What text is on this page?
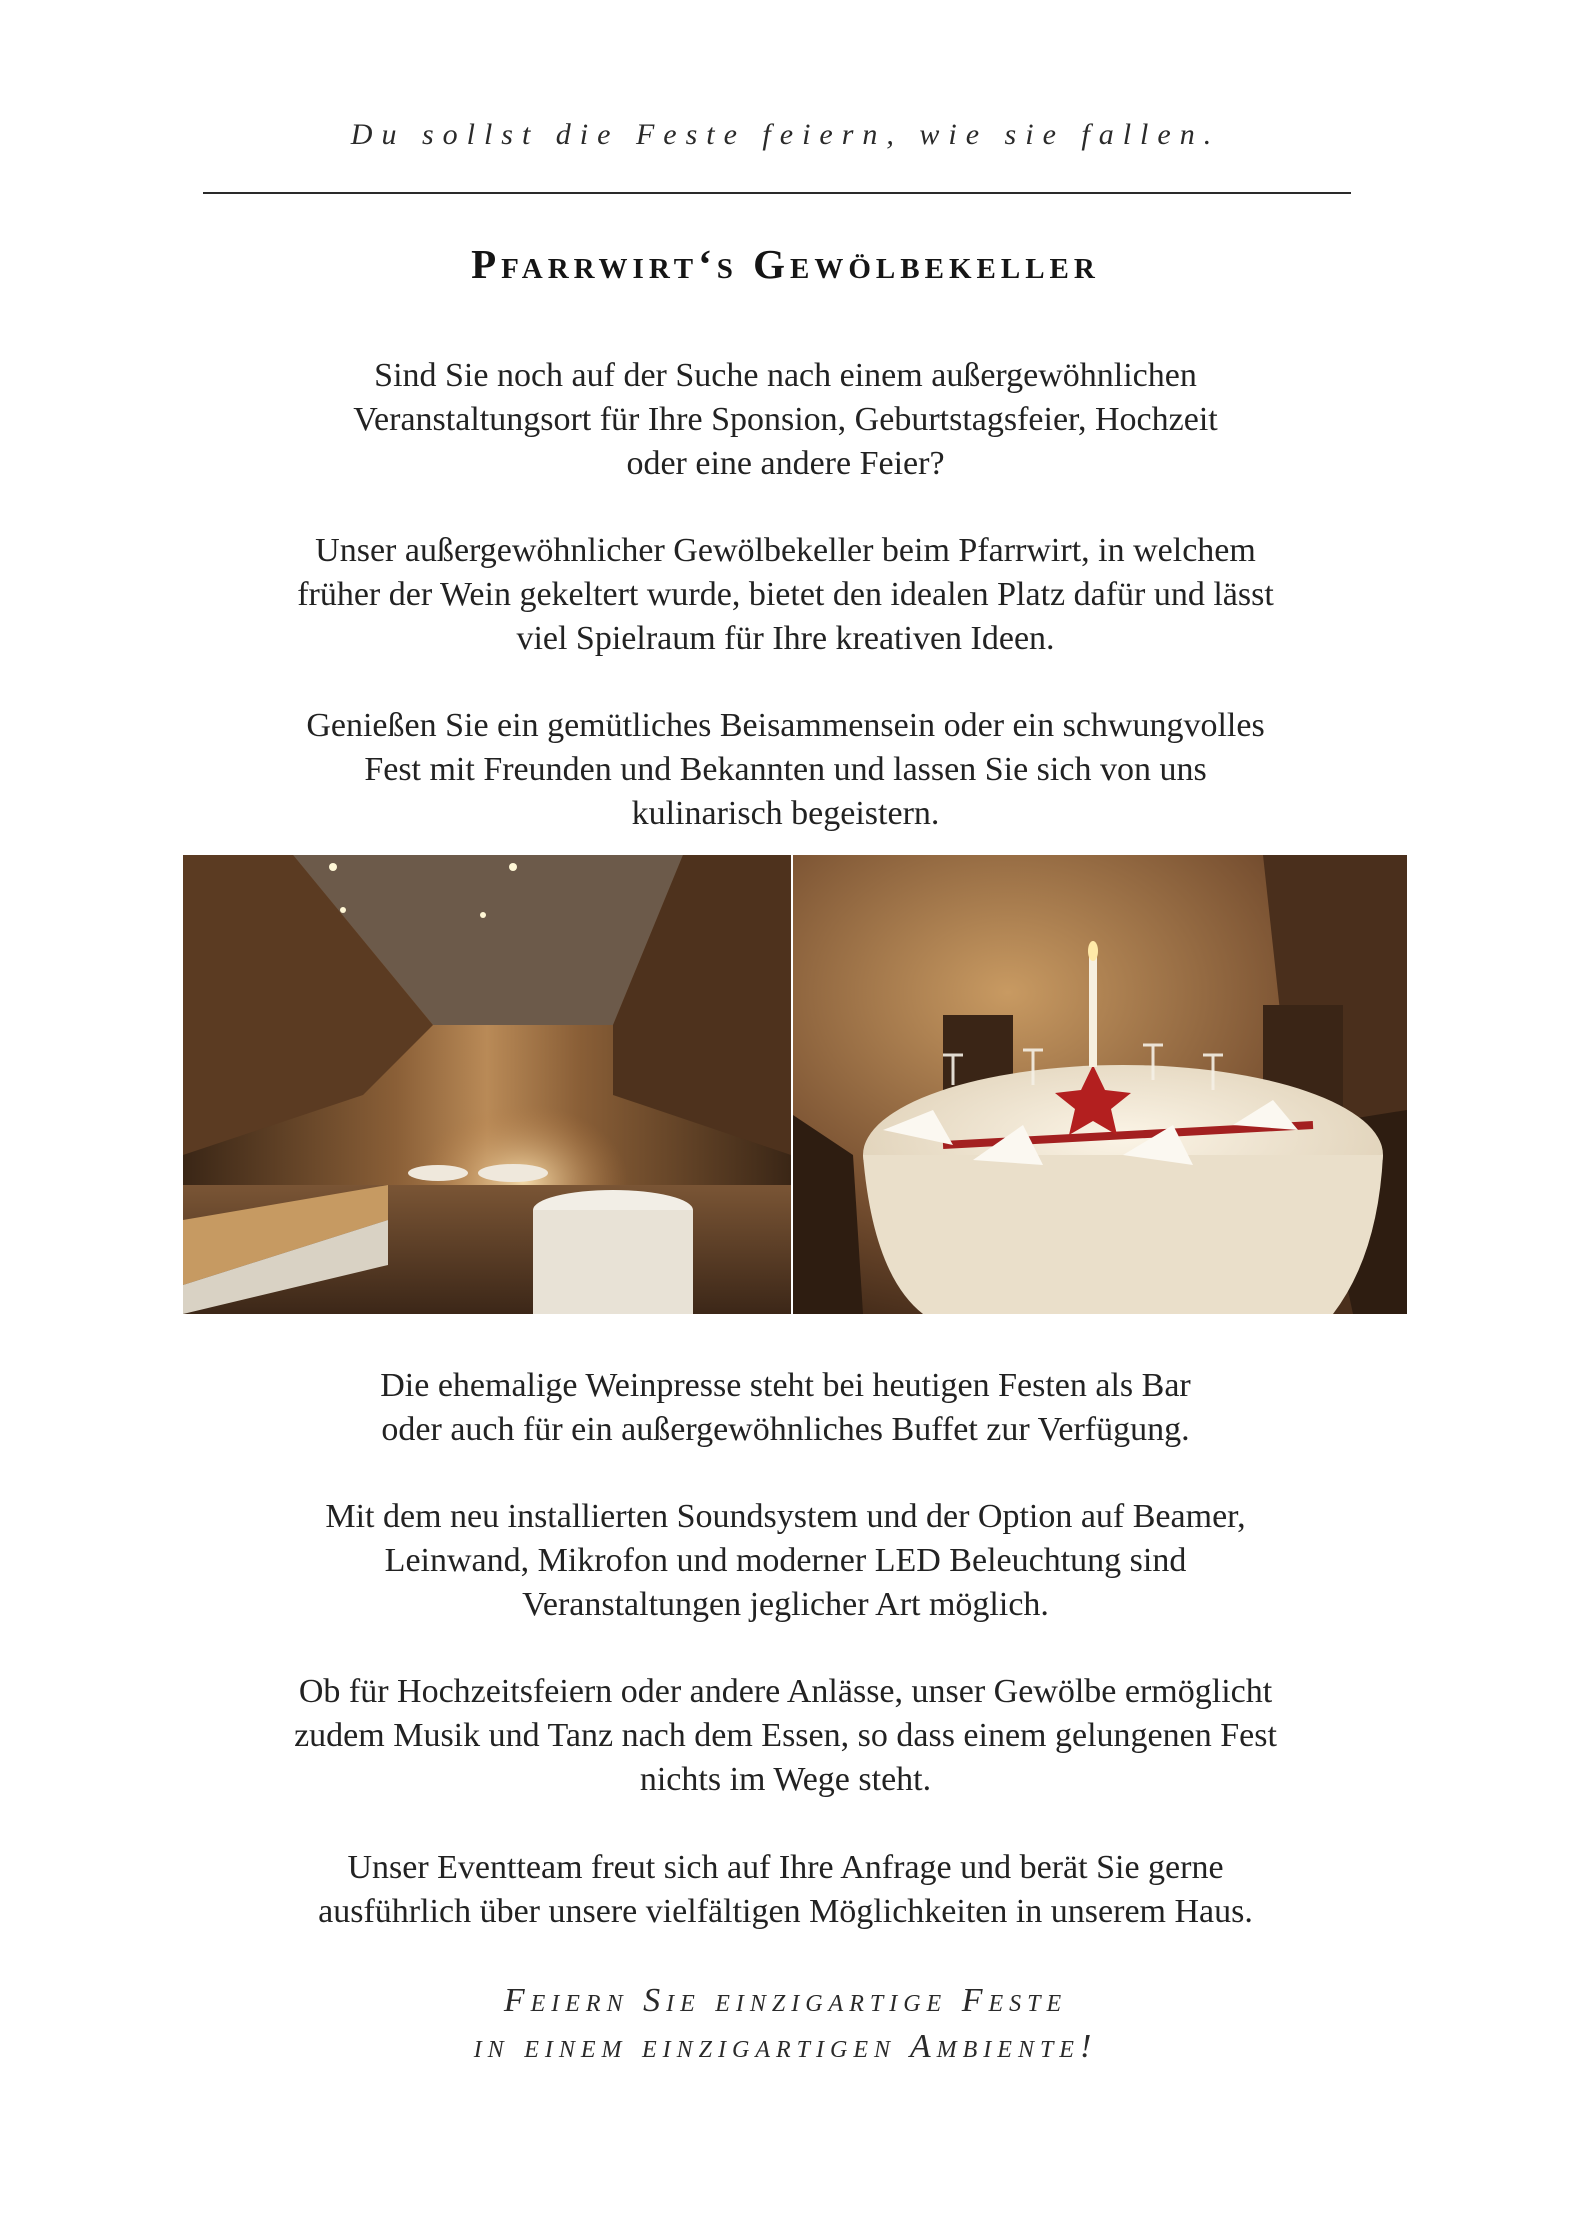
Du sollst die Feste feiern, wie sie fallen.
Pfarrwirt‘s Gewölbekeller
Sind Sie noch auf der Suche nach einem außergewöhnlichen
Veranstaltungsort für Ihre Sponsion, Geburtstagsfeier, Hochzeit
oder eine andere Feier?
Unser außergewöhnlicher Gewölbekeller beim Pfarrwirt, in welchem
früher der Wein gekeltert wurde, bietet den idealen Platz dafür und lässt
viel Spielraum für Ihre kreativen Ideen.
Genießen Sie ein gemütliches Beisammensein oder ein schwungvolles
Fest mit Freunden und Bekannten und lassen Sie sich von uns
kulinarisch begeistern.
Die ehemalige Weinpresse steht bei heutigen Festen als Bar
oder auch für ein außergewöhnliches Buffet zur Verfügung.
Mit dem neu installierten Soundsystem und der Option auf Beamer,
Leinwand, Mikrofon und moderner LED Beleuchtung sind
Veranstaltungen jeglicher Art möglich.
Ob für Hochzeitsfeiern oder andere Anlässe, unser Gewölbe ermöglicht
zudem Musik und Tanz nach dem Essen, so dass einem gelungenen Fest
nichts im Wege steht.
Unser Eventteam freut sich auf Ihre Anfrage und berät Sie gerne
ausführlich über unsere vielfältigen Möglichkeiten in unserem Haus.
Feiern Sie einzigartige Feste
in einem einzigartigen Ambiente!
